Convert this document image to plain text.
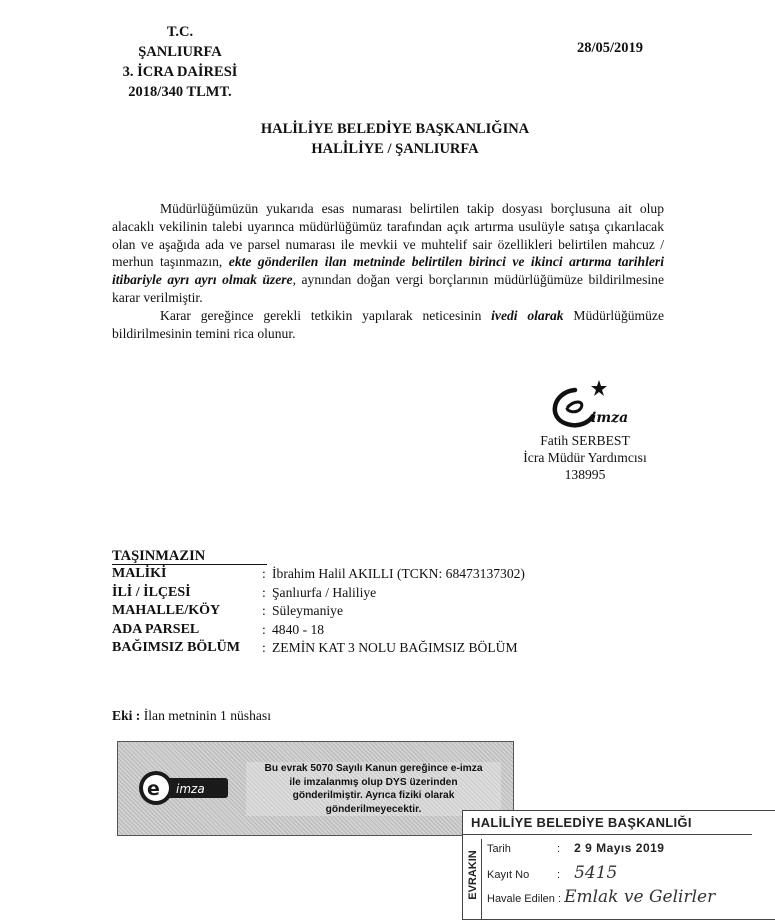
T.C.
ŞANLIURFA
3. İCRA DAİRESİ
2018/340 TLMT.
28/05/2019
HALİLİYE BELEDİYE BAŞKANLIĞINA
HALİLİYE / ŞANLIURFA

Müdürlüğümüzün yukarıda esas numarası belirtilen takip dosyası borçlusuna ait olup alacaklı vekilinin talebi uyarınca müdürlüğümüz tarafından açık artırma usulüyle satışa çıkarılacak olan ve aşağıda ada ve parsel numarası ile mevkii ve muhtelif sair özellikleri belirtilen mahcuz / merhun taşınmazın, ekte gönderilen ilan metninde belirtilen birinci ve ikinci artırma tarihleri itibariyle ayrı ayrı olmak üzere, aynından doğan vergi borçlarının müdürlüğümüze bildirilmesine karar verilmiştir.

Karar gereğince gerekli tetkikin yapılarak neticesinin ivedi olarak Müdürlüğümüze bildirilmesinin temini rica olunur.

imza
Fatih SERBEST
İcra Müdür Yardımcısı
138995
TAŞINMAZIN
MALİKİ	: İbrahim Halil AKILLI (TCKN: 68473137302)
İLİ / İLÇESİ	: Şanlıurfa / Haliliye
MAHALLE/KÖY	: Süleymaniye
ADA PARSEL	: 4840 - 18
BAĞIMSIZ BÖLÜM	: ZEMİN KAT 3 NOLU BAĞIMSIZ BÖLÜM
Eki : İlan metninin 1 nüshası
e imza
Bu evrak 5070 Sayılı Kanun gereğince e-imza
ile imzalanmış olup DYS üzerinden
gönderilmiştir. Ayrıca fiziki olarak
gönderilmeyecektir.
HALİLİYE BELEDİYE BAŞKANLIĞI
EVRAKIN
Tarih	: 2 9 Mayıs 2019
Kayıt No	: 5415
Havale Edilen : Emlak ve Gelirler
